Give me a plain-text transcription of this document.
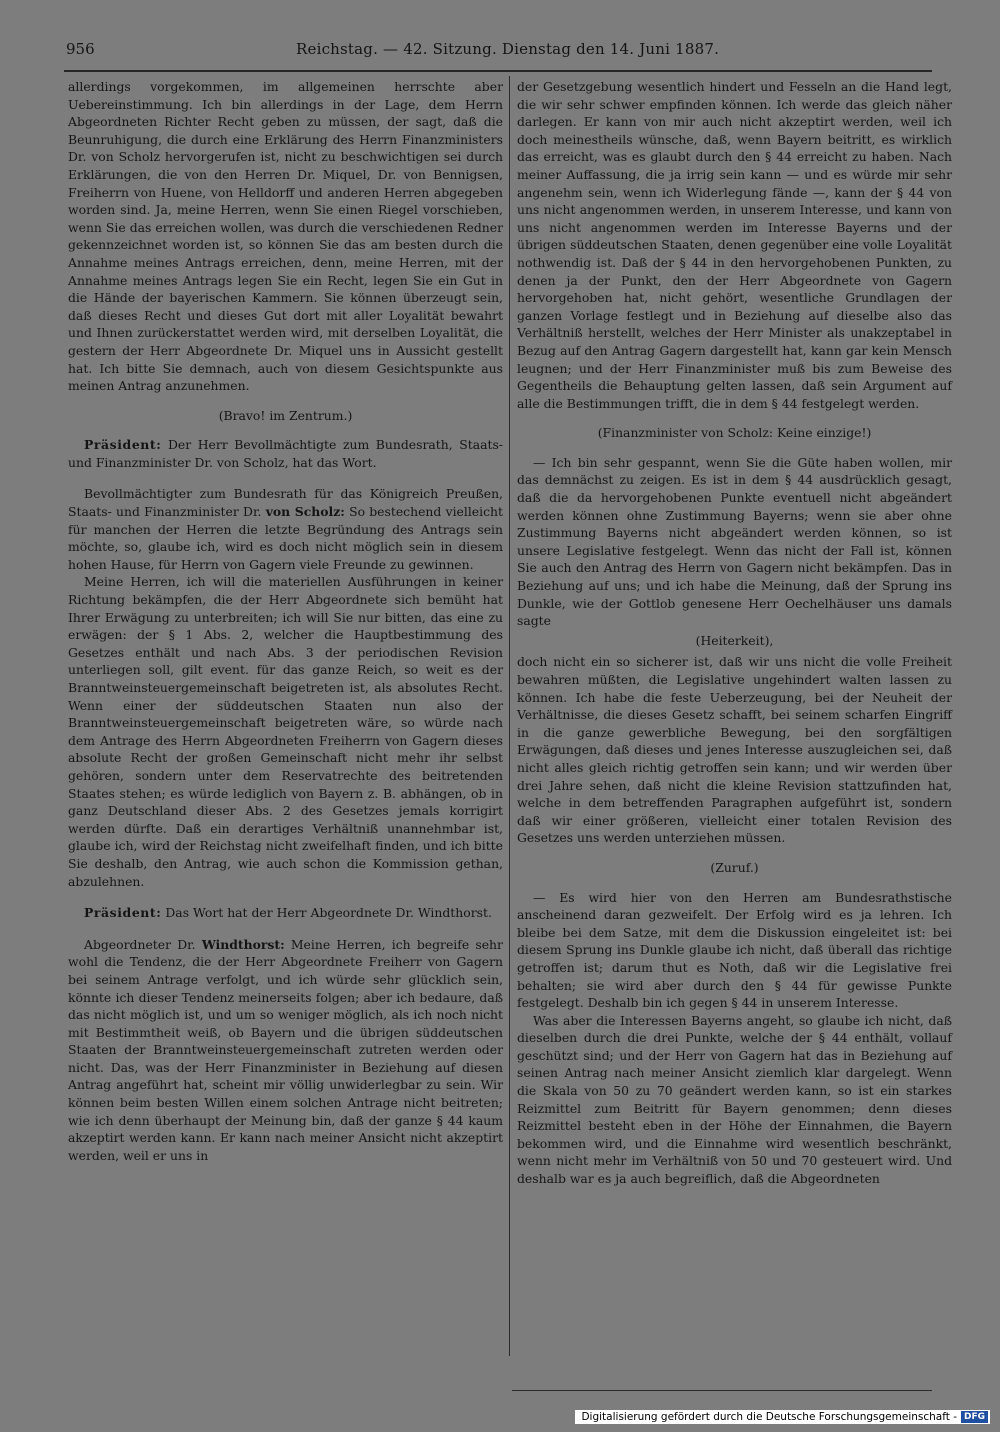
956	Reichstag. — 42. Sitzung. Dienstag den 14. Juni 1887.

allerdings vorgekommen, im allgemeinen herrschte aber Uebereinstimmung. Ich bin allerdings in der Lage, dem Herrn Abgeordneten Richter Recht geben zu müssen, der sagt, daß die Beunruhigung, die durch eine Erklärung des Herrn Finanzministers Dr. von Scholz hervorgerufen ist, nicht zu beschwichtigen sei durch Erklärungen, die von den Herren Dr. Miquel, Dr. von Bennigsen, Freiherrn von Huene, von Helldorff und anderen Herren abgegeben worden sind. Ja, meine Herren, wenn Sie einen Riegel vorschieben, wenn Sie das erreichen wollen, was durch die verschiedenen Redner gekennzeichnet worden ist, so können Sie das am besten durch die Annahme meines Antrags erreichen, denn, meine Herren, mit der Annahme meines Antrags legen Sie ein Recht, legen Sie ein Gut in die Hände der bayerischen Kammern. Sie können überzeugt sein, daß dieses Recht und dieses Gut dort mit aller Loyalität bewahrt und Ihnen zurückerstattet werden wird, mit derselben Loyalität, die gestern der Herr Abgeordnete Dr. Miquel uns in Aussicht gestellt hat. Ich bitte Sie demnach, auch von diesem Gesichtspunkte aus meinen Antrag anzunehmen.

(Bravo! im Zentrum.)

Präsident: Der Herr Bevollmächtigte zum Bundesrath, Staats- und Finanzminister Dr. von Scholz, hat das Wort.

Bevollmächtigter zum Bundesrath für das Königreich Preußen, Staats- und Finanzminister Dr. von Scholz: So bestechend vielleicht für manchen der Herren die letzte Begründung des Antrags sein möchte, so, glaube ich, wird es doch nicht möglich sein in diesem hohen Hause, für Herrn von Gagern viele Freunde zu gewinnen.

Meine Herren, ich will die materiellen Ausführungen in keiner Richtung bekämpfen, die der Herr Abgeordnete sich bemüht hat Ihrer Erwägung zu unterbreiten; ich will Sie nur bitten, das eine zu erwägen: der § 1 Abs. 2, welcher die Hauptbestimmung des Gesetzes enthält und nach Abs. 3 der periodischen Revision unterliegen soll, gilt event. für das ganze Reich, so weit es der Branntweinsteuergemeinschaft beigetreten ist, als absolutes Recht. Wenn einer der süddeutschen Staaten nun also der Branntweinsteuergemeinschaft beigetreten wäre, so würde nach dem Antrage des Herrn Abgeordneten Freiherrn von Gagern dieses absolute Recht der großen Gemeinschaft nicht mehr ihr selbst gehören, sondern unter dem Reservatrechte des beitretenden Staates stehen; es würde lediglich von Bayern z. B. abhängen, ob in ganz Deutschland dieser Abs. 2 des Gesetzes jemals korrigirt werden dürfte. Daß ein derartiges Verhältniß unannehmbar ist, glaube ich, wird der Reichstag nicht zweifelhaft finden, und ich bitte Sie deshalb, den Antrag, wie auch schon die Kommission gethan, abzulehnen.

Präsident: Das Wort hat der Herr Abgeordnete Dr. Windthorst.

Abgeordneter Dr. Windthorst: Meine Herren, ich begreife sehr wohl die Tendenz, die der Herr Abgeordnete Freiherr von Gagern bei seinem Antrage verfolgt, und ich würde sehr glücklich sein, könnte ich dieser Tendenz meinerseits folgen; aber ich bedaure, daß das nicht möglich ist, und um so weniger möglich, als ich noch nicht mit Bestimmtheit weiß, ob Bayern und die übrigen süddeutschen Staaten der Branntweinsteuergemeinschaft zutreten werden oder nicht. Das, was der Herr Finanzminister in Beziehung auf diesen Antrag angeführt hat, scheint mir völlig unwiderlegbar zu sein. Wir können beim besten Willen einem solchen Antrage nicht beitreten; wie ich denn überhaupt der Meinung bin, daß der ganze § 44 kaum akzeptirt werden kann. Er kann nach meiner Ansicht nicht akzeptirt werden, weil er uns in

der Gesetzgebung wesentlich hindert und Fesseln an die Hand legt, die wir sehr schwer empfinden können. Ich werde das gleich näher darlegen. Er kann von mir auch nicht akzeptirt werden, weil ich doch meinestheils wünsche, daß, wenn Bayern beitritt, es wirklich das erreicht, was es glaubt durch den § 44 erreicht zu haben. Nach meiner Auffassung, die ja irrig sein kann — und es würde mir sehr angenehm sein, wenn ich Widerlegung fände —, kann der § 44 von uns nicht angenommen werden, in unserem Interesse, und kann von uns nicht angenommen werden im Interesse Bayerns und der übrigen süddeutschen Staaten, denen gegenüber eine volle Loyalität nothwendig ist. Daß der § 44 in den hervorgehobenen Punkten, zu denen ja der Punkt, den der Herr Abgeordnete von Gagern hervorgehoben hat, nicht gehört, wesentliche Grundlagen der ganzen Vorlage festlegt und in Beziehung auf dieselbe also das Verhältniß herstellt, welches der Herr Minister als unakzeptabel in Bezug auf den Antrag Gagern dargestellt hat, kann gar kein Mensch leugnen; und der Herr Finanzminister muß bis zum Beweise des Gegentheils die Behauptung gelten lassen, daß sein Argument auf alle die Bestimmungen trifft, die in dem § 44 festgelegt werden.

(Finanzminister von Scholz: Keine einzige!)

— Ich bin sehr gespannt, wenn Sie die Güte haben wollen, mir das demnächst zu zeigen. Es ist in dem § 44 ausdrücklich gesagt, daß die da hervorgehobenen Punkte eventuell nicht abgeändert werden können ohne Zustimmung Bayerns; wenn sie aber ohne Zustimmung Bayerns nicht abgeändert werden können, so ist unsere Legislative festgelegt. Wenn das nicht der Fall ist, können Sie auch den Antrag des Herrn von Gagern nicht bekämpfen. Das in Beziehung auf uns; und ich habe die Meinung, daß der Sprung ins Dunkle, wie der Gottlob genesene Herr Oechelhäuser uns damals sagte

(Heiterkeit),

doch nicht ein so sicherer ist, daß wir uns nicht die volle Freiheit bewahren müßten, die Legislative ungehindert walten lassen zu können. Ich habe die feste Ueberzeugung, bei der Neuheit der Verhältnisse, die dieses Gesetz schafft, bei seinem scharfen Eingriff in die ganze gewerbliche Bewegung, bei den sorgfältigen Erwägungen, daß dieses und jenes Interesse auszugleichen sei, daß nicht alles gleich richtig getroffen sein kann; und wir werden über drei Jahre sehen, daß nicht die kleine Revision stattzufinden hat, welche in dem betreffenden Paragraphen aufgeführt ist, sondern daß wir einer größeren, vielleicht einer totalen Revision des Gesetzes uns werden unterziehen müssen.

(Zuruf.)

— Es wird hier von den Herren am Bundesrathstische anscheinend daran gezweifelt. Der Erfolg wird es ja lehren. Ich bleibe bei dem Satze, mit dem die Diskussion eingeleitet ist: bei diesem Sprung ins Dunkle glaube ich nicht, daß überall das richtige getroffen ist; darum thut es Noth, daß wir die Legislative frei behalten; sie wird aber durch den § 44 für gewisse Punkte festgelegt. Deshalb bin ich gegen § 44 in unserem Interesse.

Was aber die Interessen Bayerns angeht, so glaube ich nicht, daß dieselben durch die drei Punkte, welche der § 44 enthält, vollauf geschützt sind; und der Herr von Gagern hat das in Beziehung auf seinen Antrag nach meiner Ansicht ziemlich klar dargelegt. Wenn die Skala von 50 zu 70 geändert werden kann, so ist ein starkes Reizmittel zum Beitritt für Bayern genommen; denn dieses Reizmittel besteht eben in der Höhe der Einnahmen, die Bayern bekommen wird, und die Einnahme wird wesentlich beschränkt, wenn nicht mehr im Verhältniß von 50 und 70 gesteuert wird. Und deshalb war es ja auch begreiflich, daß die Abgeordneten

Digitalisierung gefördert durch die Deutsche Forschungsgemeinschaft - DFG
